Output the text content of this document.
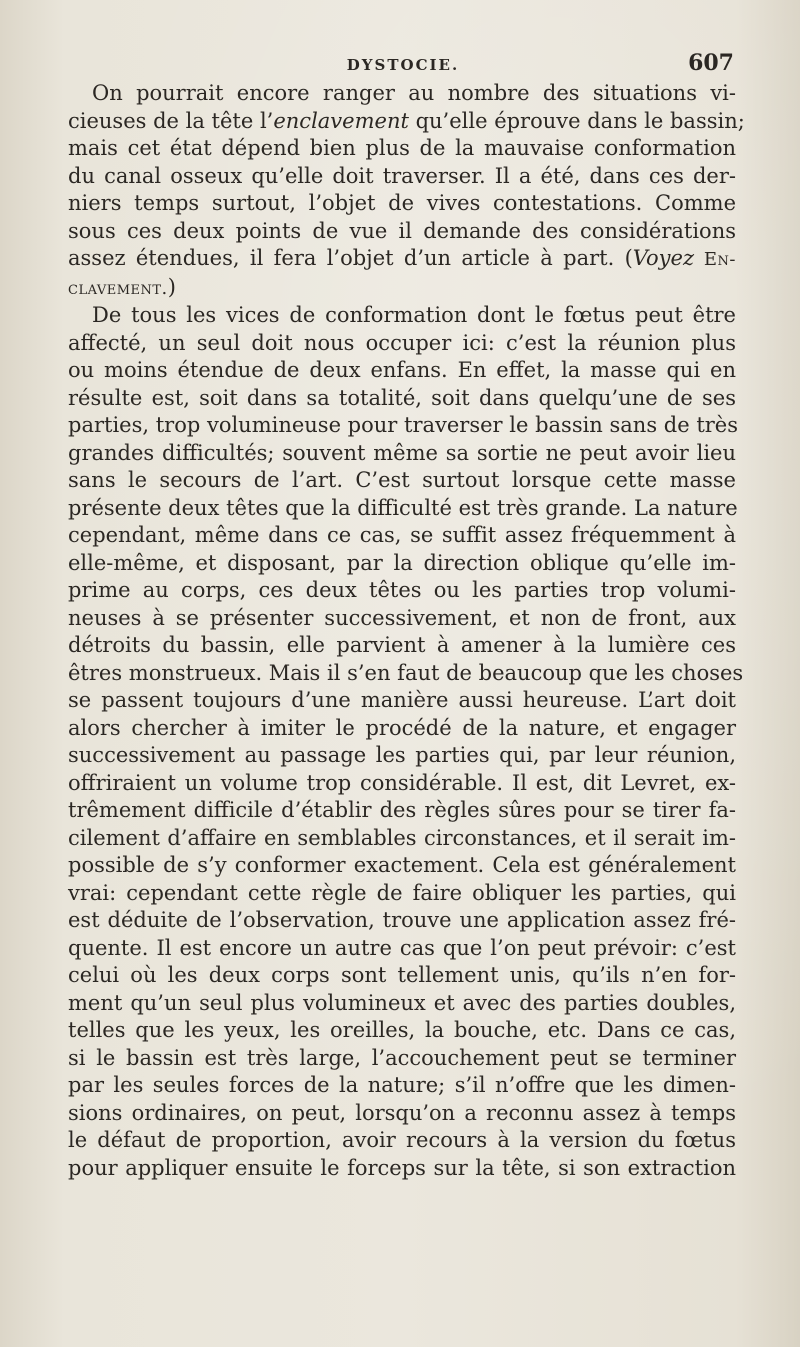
DYSTOCIE.	607

On pourrait encore ranger au nombre des situations vi-
cieuses de la tête l’enclavement qu’elle éprouve dans le bassin;
mais cet état dépend bien plus de la mauvaise conformation
du canal osseux qu’elle doit traverser. Il a été, dans ces der-
niers temps surtout, l’objet de vives contestations. Comme
sous ces deux points de vue il demande des considérations
assez étendues, il fera l’objet d’un article à part. (Voyez En-
clavement.)

De tous les vices de conformation dont le fœtus peut être
affecté, un seul doit nous occuper ici: c’est la réunion plus
ou moins étendue de deux enfans. En effet, la masse qui en
résulte est, soit dans sa totalité, soit dans quelqu’une de ses
parties, trop volumineuse pour traverser le bassin sans de très
grandes difficultés; souvent même sa sortie ne peut avoir lieu
sans le secours de l’art. C’est surtout lorsque cette masse
présente deux têtes que la difficulté est très grande. La nature
cependant, même dans ce cas, se suffit assez fréquemment à
elle-même, et disposant, par la direction oblique qu’elle im-
prime au corps, ces deux têtes ou les parties trop volumi-
neuses à se présenter successivement, et non de front, aux
détroits du bassin, elle parvient à amener à la lumière ces
êtres monstrueux. Mais il s’en faut de beaucoup que les choses
se passent toujours d’une manière aussi heureuse. L’art doit
alors chercher à imiter le procédé de la nature, et engager
successivement au passage les parties qui, par leur réunion,
offriraient un volume trop considérable. Il est, dit Levret, ex-
trêmement difficile d’établir des règles sûres pour se tirer fa-
cilement d’affaire en semblables circonstances, et il serait im-
possible de s’y conformer exactement. Cela est généralement
vrai: cependant cette règle de faire obliquer les parties, qui
est déduite de l’observation, trouve une application assez fré-
quente. Il est encore un autre cas que l’on peut prévoir: c’est
celui où les deux corps sont tellement unis, qu’ils n’en for-
ment qu’un seul plus volumineux et avec des parties doubles,
telles que les yeux, les oreilles, la bouche, etc. Dans ce cas,
si le bassin est très large, l’accouchement peut se terminer
par les seules forces de la nature; s’il n’offre que les dimen-
sions ordinaires, on peut, lorsqu’on a reconnu assez à temps
le défaut de proportion, avoir recours à la version du fœtus
pour appliquer ensuite le forceps sur la tête, si son extraction
